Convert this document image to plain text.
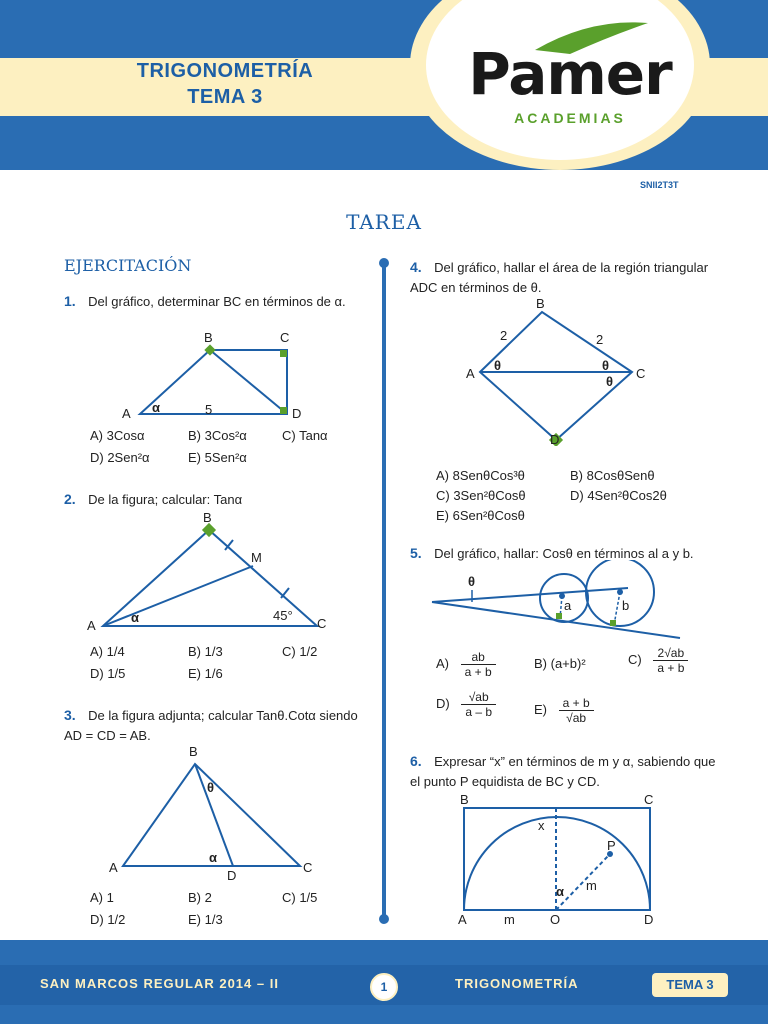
TRIGONOMETRÍA
TEMA 3	Pamer
ACADEMIAS
SNII2T3T
TAREA
EJERCITACIÓN
1. Del gráfico, determinar BC en términos de α.
A
B	C
D
α	5
A) 3Cosα	B) 3Cos²α	C) Tanα
D) 2Sen²α	E) 5Sen²α
2. De la figura; calcular: Tanα
A
B
C
M
α	45°
A) 1/4	B) 1/3	C) 1/2
D) 1/5	E) 1/6
3. De la figura adjunta; calcular Tanθ.Cotα siendo AD = CD = AB.
A
B
C
D
α
θ
A) 1	B) 2	C) 1/5
D) 1/2	E) 1/3
4. Del gráfico, hallar el área de la región triangular ADC en términos de θ.
A
B
C
D
2	2
θ	θ
θ
A) 8SenθCos³θ	B) 8CosθSenθ
C) 3Sen²θCosθ	D) 4Sen²θCos2θ
E) 6Sen²θCosθ
5. Del gráfico, hallar: Cosθ en términos al a y b.
θ
a	b
$A) \frac{ab}{a + b}$	B) (a+b)²	$C) \frac{2√ab}{a + b}$
$D) \frac{√ab}{a - b}$	$E) \frac{a + b}{√ab}$
6. Expresar “x” en términos de m y α, sabiendo que el punto P equidista de BC y CD.
B	C
A	D
O
P
x
m
m
α
SAN MARCOS REGULAR 2014 – II	1	TRIGONOMETRÍA	TEMA 3
